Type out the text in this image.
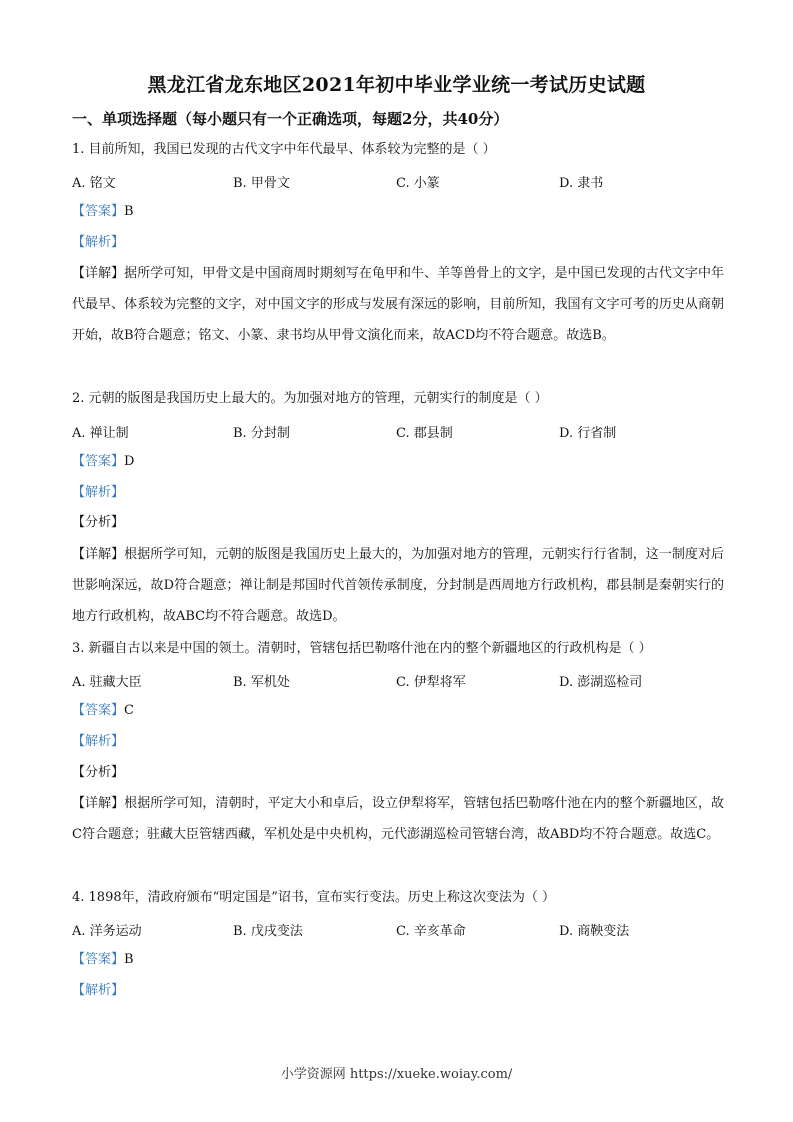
黑龙江省龙东地区2021年初中毕业学业统一考试历史试题
一、单项选择题（每小题只有一个正确选项，每题2分，共40分）
1. 目前所知，我国已发现的古代文字中年代最早、体系较为完整的是（ ）
A. 铭文	B. 甲骨文	C. 小篆	D. 隶书
【答案】B
【解析】
【详解】据所学可知，甲骨文是中国商周时期刻写在龟甲和牛、羊等兽骨上的文字，是中国已发现的古代文字中年代最早、体系较为完整的文字，对中国文字的形成与发展有深远的影响，目前所知，我国有文字可考的历史从商朝开始，故B符合题意；铭文、小篆、隶书均从甲骨文演化而来，故ACD均不符合题意。故选B。
2. 元朝的版图是我国历史上最大的。为加强对地方的管理，元朝实行的制度是（ ）
A. 禅让制	B. 分封制	C. 郡县制	D. 行省制
【答案】D
【解析】
【分析】
【详解】根据所学可知，元朝的版图是我国历史上最大的，为加强对地方的管理，元朝实行行省制，这一制度对后世影响深远，故D符合题意；禅让制是邦国时代首领传承制度，分封制是西周地方行政机构，郡县制是秦朝实行的地方行政机构，故ABC均不符合题意。故选D。
3. 新疆自古以来是中国的领土。清朝时，管辖包括巴勒喀什池在内的整个新疆地区的行政机构是（ ）
A. 驻藏大臣	B. 军机处	C. 伊犁将军	D. 澎湖巡检司
【答案】C
【解析】
【分析】
【详解】根据所学可知，清朝时，平定大小和卓后，设立伊犁将军，管辖包括巴勒喀什池在内的整个新疆地区，故C符合题意；驻藏大臣管辖西藏，军机处是中央机构，元代澎湖巡检司管辖台湾，故ABD均不符合题意。故选C。
4. 1898年，清政府颁布“明定国是”诏书，宣布实行变法。历史上称这次变法为（ ）
A. 洋务运动	B. 戊戌变法	C. 辛亥革命	D. 商鞅变法
【答案】B
【解析】
小学资源网 https://xueke.woiay.com/
